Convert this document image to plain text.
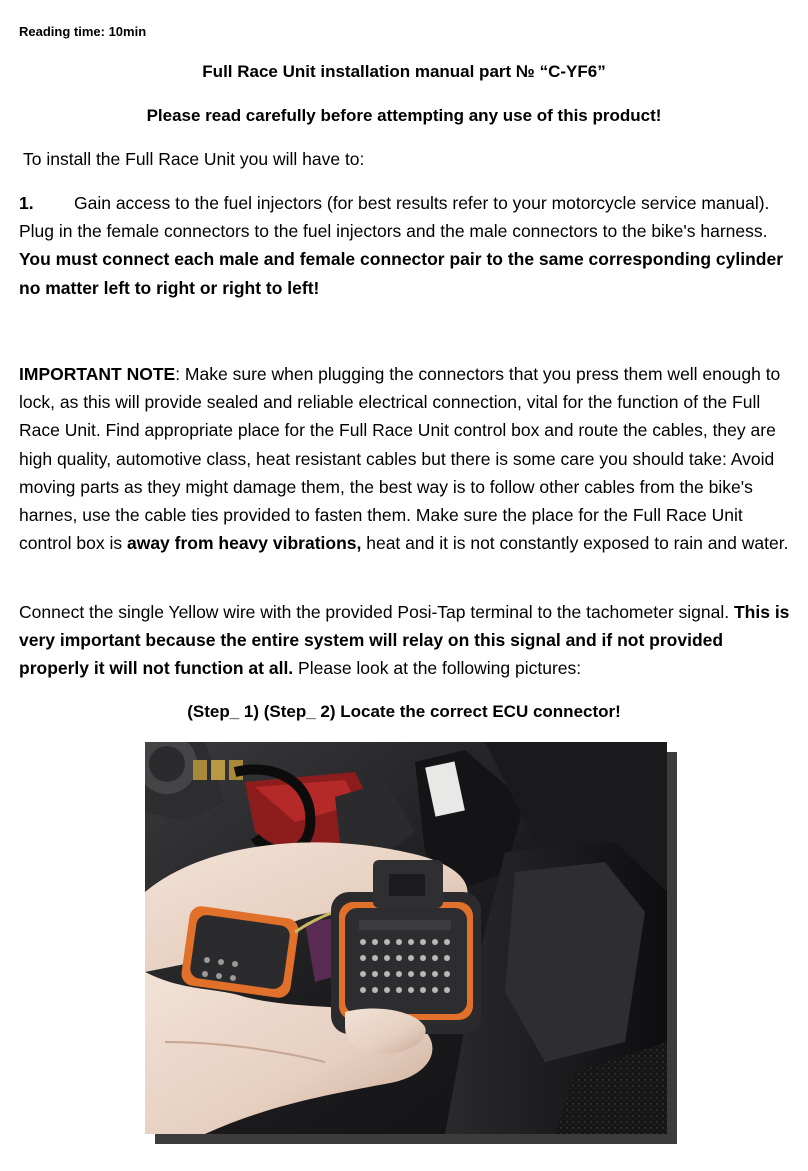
Reading time: 10min
Full Race Unit installation manual part № “C-YF6”
Please read carefully before attempting any use of this product!
To install the Full Race Unit you will have to:
1. Gain access to the fuel injectors (for best results refer to your motorcycle service manual). Plug in the female connectors to the fuel injectors and the male connectors to the bike's harness. You must connect each male and female connector pair to the same corresponding cylinder no matter left to right or right to left!
IMPORTANT NOTE: Make sure when plugging the connectors that you press them well enough to lock, as this will provide sealed and reliable electrical connection, vital for the function of the Full Race Unit. Find appropriate place for the Full Race Unit control box and route the cables, they are high quality, automotive class, heat resistant cables but there is some care you should take: Avoid moving parts as they might damage them, the best way is to follow other cables from the bike's harnes, use the cable ties provided to fasten them. Make sure the place for the Full Race Unit control box is away from heavy vibrations, heat and it is not constantly exposed to rain and water.
Connect the single Yellow wire with the provided Posi-Tap terminal to the tachometer signal. This is very important because the entire system will relay on this signal and if not provided properly it will not function at all. Please look at the following pictures:
(Step_ 1) (Step_ 2) Locate the correct ECU connector!
